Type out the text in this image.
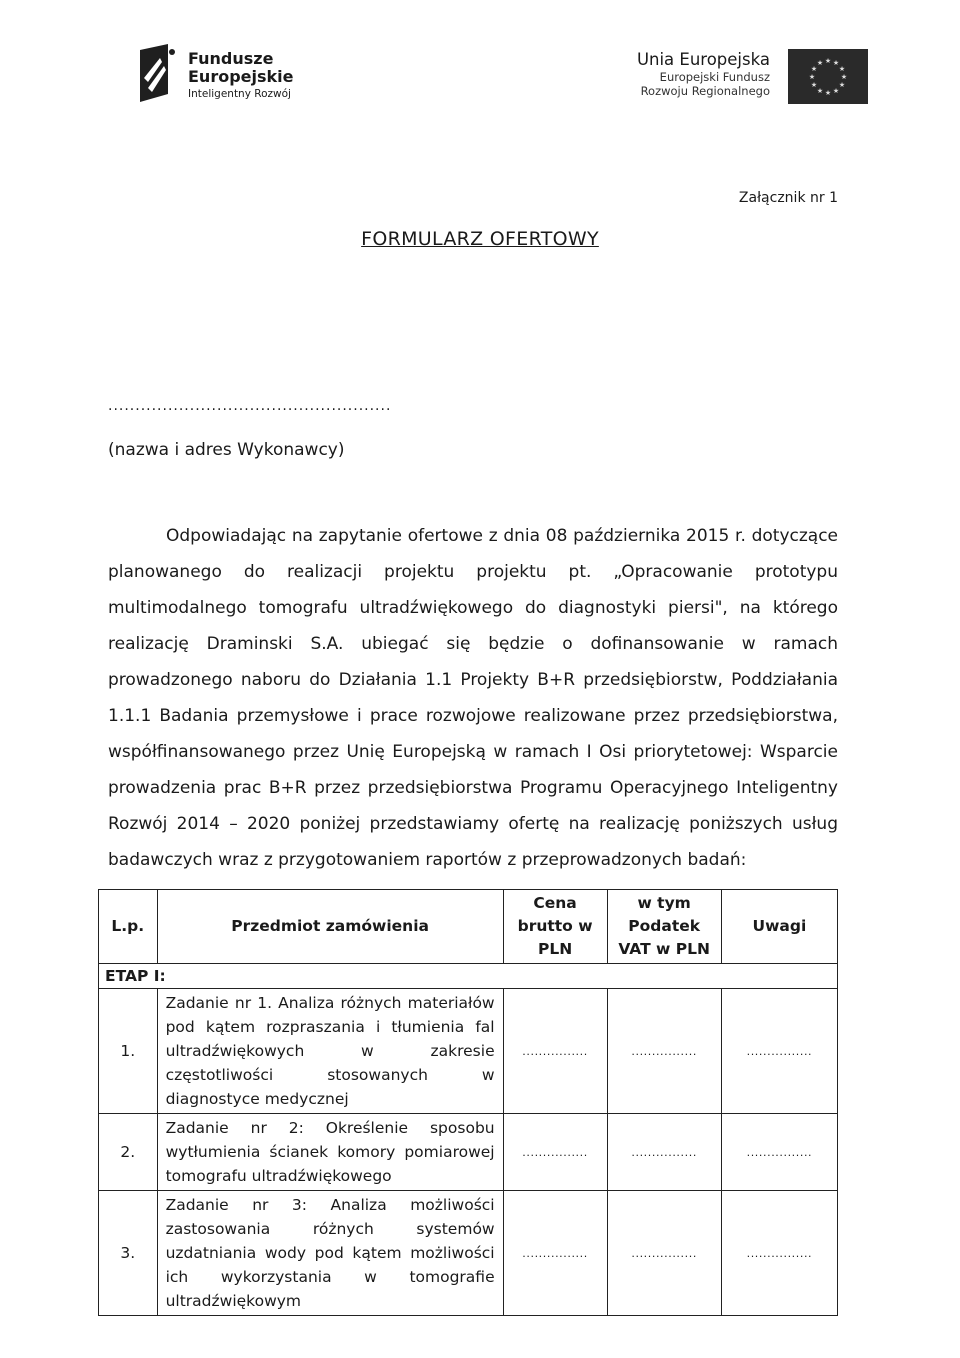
Fundusze
Europejskie
Inteligentny Rozwój
Unia Europejska
Europejski Fundusz
Rozwoju Regionalnego
★ ★
★
★
★
★
★
★
★
★
★
★
Załącznik nr 1
FORMULARZ OFERTOWY
....................................................
(nazwa i adres Wykonawcy)
Odpowiadając na zapytanie ofertowe z dnia 08 października 2015 r. dotyczące planowanego do realizacji projektu projektu pt. „Opracowanie prototypu multimodalnego tomografu ultradźwiękowego do diagnostyki piersi", na którego realizację Draminski S.A. ubiegać się będzie o dofinansowanie w ramach prowadzonego naboru do Działania 1.1 Projekty B+R przedsiębiorstw, Poddziałania 1.1.1 Badania przemysłowe i prace rozwojowe realizowane przez przedsiębiorstwa, współfinansowanego przez Unię Europejską w ramach I Osi priorytetowej: Wsparcie prowadzenia prac B+R przez przedsiębiorstwa Programu Operacyjnego Inteligentny Rozwój 2014 – 2020 poniżej przedstawiamy ofertę na realizację poniższych usług badawczych wraz z przygotowaniem raportów z przeprowadzonych badań:
L.p.	Przedmiot zamówienia	Cena brutto w PLN	w tym Podatek VAT w PLN	Uwagi
ETAP I:				
1.	Zadanie nr 1. Analiza różnych materiałów pod kątem rozpraszania i tłumienia fal ultradźwiękowych w zakresie częstotliwości stosowanych w diagnostyce medycznej	................	................	................
2.	Zadanie nr 2: Określenie sposobu wytłumienia ścianek komory pomiarowej tomografu ultradźwiękowego	................	................	................
3.	Zadanie nr 3: Analiza możliwości zastosowania różnych systemów uzdatniania wody pod kątem możliwości ich wykorzystania w tomografie ultradźwiękowym	................	................	................
